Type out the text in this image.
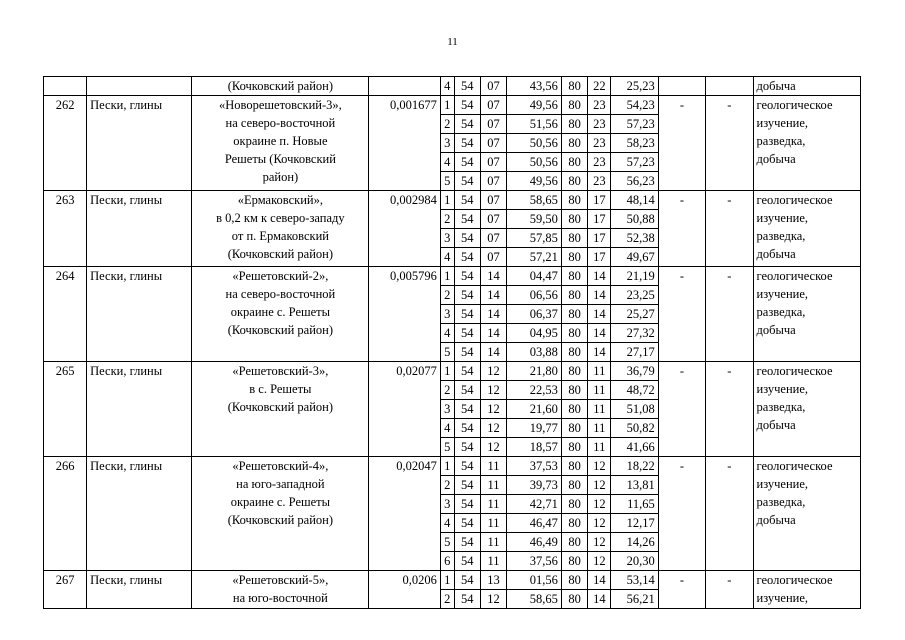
11

		(Кочковский район)		4	54	07	43,56	80	22	25,23			добыча

262	Пески, глины	«Новорешетовский-3»,
на северо-восточной
окраине п. Новые
Решеты (Кочковский
район)	0,001677	1	54	07	49,56	80	23	54,23	-	-	геологическое
изучение,
разведка,
добыча

				2	54	07	51,56	80	23	57,23			
				3	54	07	50,56	80	23	58,23			
				4	54	07	50,56	80	23	57,23			
				5	54	07	49,56	80	23	56,23			
263	Пески, глины	«Ермаковский»,
в 0,2 км к северо-западу
от п. Ермаковский
(Кочковский район)	0,002984	1	54	07	58,65	80	17	48,14	-	-	геологическое
изучение,
разведка,
добыча

				2	54	07	59,50	80	17	50,88			
				3	54	07	57,85	80	17	52,38			
				4	54	07	57,21	80	17	49,67			
264	Пески, глины	«Решетовский-2»,
на северо-восточной
окраине с. Решеты
(Кочковский район)	0,005796	1	54	14	04,47	80	14	21,19	-	-	геологическое
изучение,
разведка,
добыча

				2	54	14	06,56	80	14	23,25			
				3	54	14	06,37	80	14	25,27			
				4	54	14	04,95	80	14	27,32			
				5	54	14	03,88	80	14	27,17			
265	Пески, глины	«Решетовский-3»,
в с. Решеты
(Кочковский район)	0,02077	1	54	12	21,80	80	11	36,79	-	-	геологическое
изучение,
разведка,
добыча

				2	54	12	22,53	80	11	48,72			
				3	54	12	21,60	80	11	51,08			
				4	54	12	19,77	80	11	50,82			
				5	54	12	18,57	80	11	41,66			
266	Пески, глины	«Решетовский-4»,
на юго-западной
окраине с. Решеты
(Кочковский район)	0,02047	1	54	11	37,53	80	12	18,22	-	-	геологическое
изучение,
разведка,
добыча

				2	54	11	39,73	80	12	13,81			
				3	54	11	42,71	80	12	11,65			
				4	54	11	46,47	80	12	12,17			
				5	54	11	46,49	80	12	14,26			
				6	54	11	37,56	80	12	20,30			
267	Пески, глины	«Решетовский-5»,
на юго-восточной	0,0206	1	54	13	01,56	80	14	53,14	-	-	геологическое
изучение,

				2	54	12	58,65	80	14	56,21			
